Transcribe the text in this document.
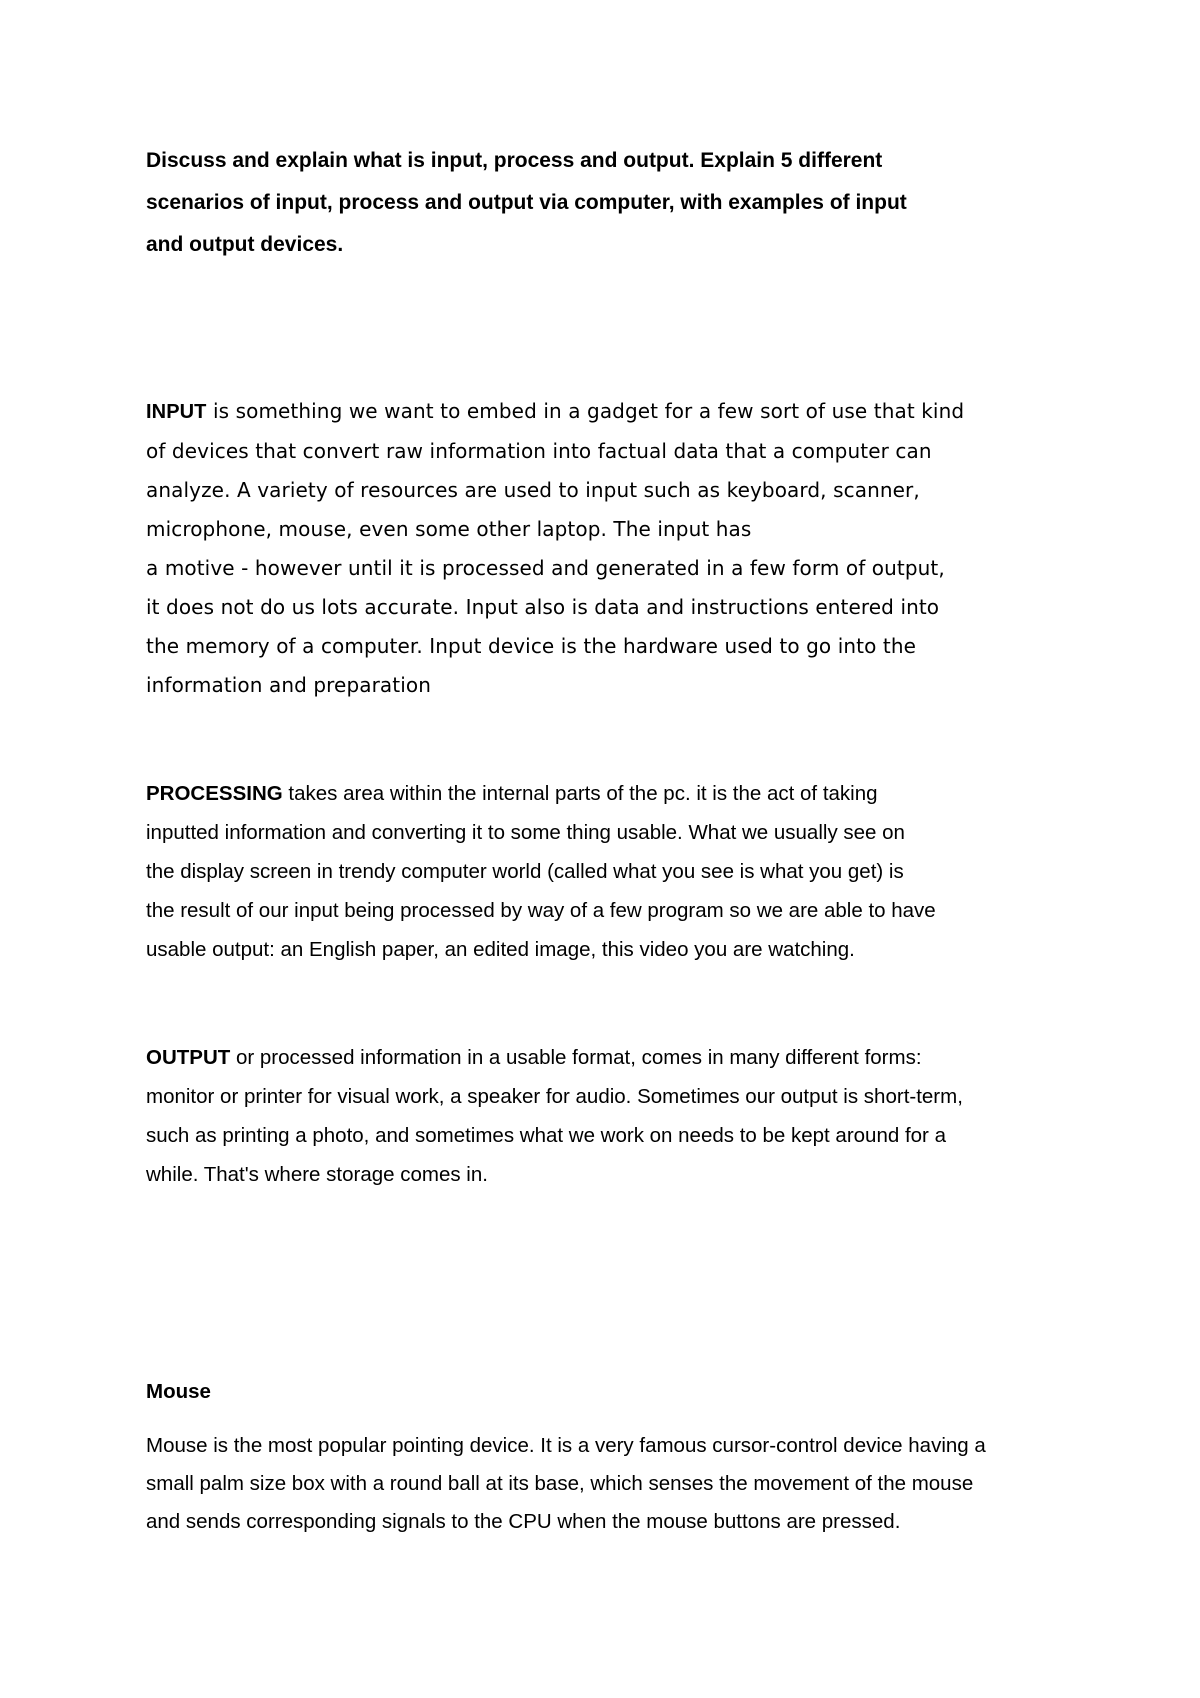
Discuss and explain what is input, process and output. Explain 5 different
scenarios of input, process and output via computer, with examples of input
and output devices.
INPUT is something we want to embed in a gadget for a few sort of use that kind
of devices that convert raw information into factual data that a computer can
analyze. A variety of resources are used to input such as keyboard, scanner,
microphone, mouse, even some other laptop. The input has
a motive - however until it is processed and generated in a few form of output,
it does not do us lots accurate. Input also is data and instructions entered into
the memory of a computer. Input device is the hardware used to go into the
information and preparation
PROCESSING takes area within the internal parts of the pc. it is the act of taking
inputted information and converting it to some thing usable. What we usually see on
the display screen in trendy computer world (called what you see is what you get) is
the result of our input being processed by way of a few program so we are able to have
usable output: an English paper, an edited image, this video you are watching.
OUTPUT or processed information in a usable format, comes in many different forms:
monitor or printer for visual work, a speaker for audio. Sometimes our output is short-term,
such as printing a photo, and sometimes what we work on needs to be kept around for a
while. That's where storage comes in.
Mouse
Mouse is the most popular pointing device. It is a very famous cursor-control device having a
small palm size box with a round ball at its base, which senses the movement of the mouse
and sends corresponding signals to the CPU when the mouse buttons are pressed.
